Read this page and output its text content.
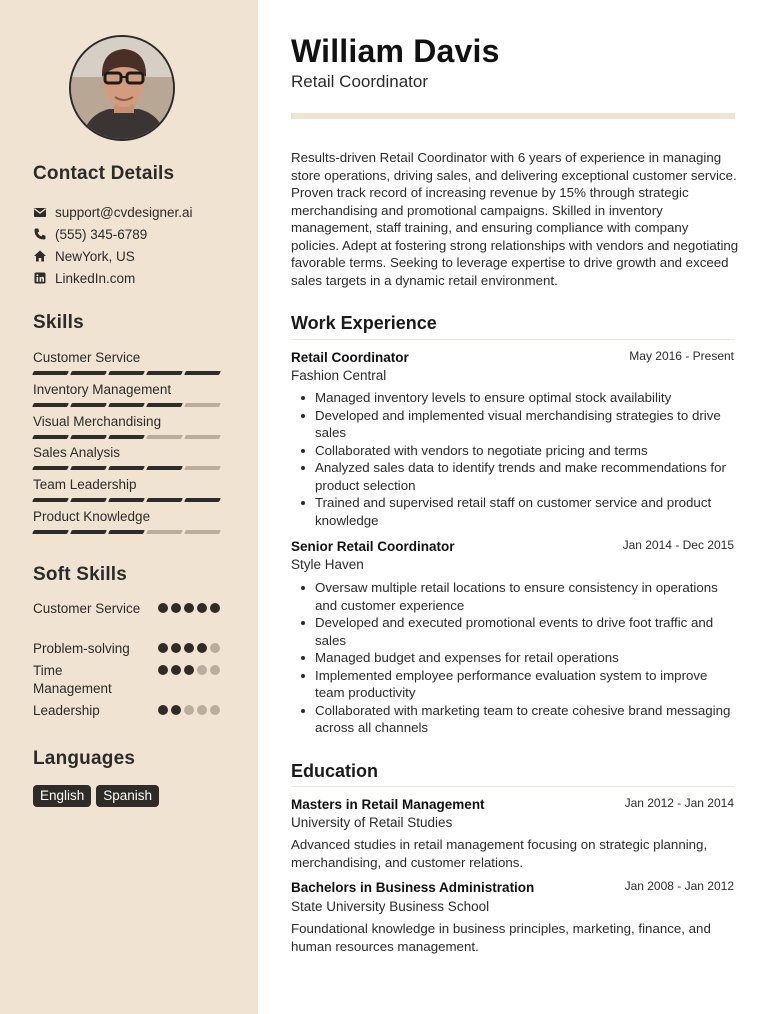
Contact Details
support@cvdesigner.ai
(555) 345-6789
NewYork, US
LinkedIn.com
Skills
Customer Service
Inventory Management
Visual Merchandising
Sales Analysis
Team Leadership
Product Knowledge
Soft Skills
Customer Service
Problem-solving
Time Management
Leadership
Languages
English	Spanish
William Davis
Retail Coordinator
Results-driven Retail Coordinator with 6 years of experience in managing store operations, driving sales, and delivering exceptional customer service. Proven track record of increasing revenue by 15% through strategic merchandising and promotional campaigns. Skilled in inventory management, staff training, and ensuring compliance with company policies. Adept at fostering strong relationships with vendors and negotiating favorable terms. Seeking to leverage expertise to drive growth and exceed sales targets in a dynamic retail environment.
Work Experience
Retail Coordinator	May 2016 - Present
Fashion Central
Managed inventory levels to ensure optimal stock availability
Developed and implemented visual merchandising strategies to drive sales
Collaborated with vendors to negotiate pricing and terms
Analyzed sales data to identify trends and make recommendations for product selection
Trained and supervised retail staff on customer service and product knowledge
Senior Retail Coordinator	Jan 2014 - Dec 2015
Style Haven
Oversaw multiple retail locations to ensure consistency in operations and customer experience
Developed and executed promotional events to drive foot traffic and sales
Managed budget and expenses for retail operations
Implemented employee performance evaluation system to improve team productivity
Collaborated with marketing team to create cohesive brand messaging across all channels
Education
Masters in Retail Management	Jan 2012 - Jan 2014
University of Retail Studies
Advanced studies in retail management focusing on strategic planning, merchandising, and customer relations.
Bachelors in Business Administration	Jan 2008 - Jan 2012
State University Business School
Foundational knowledge in business principles, marketing, finance, and human resources management.
